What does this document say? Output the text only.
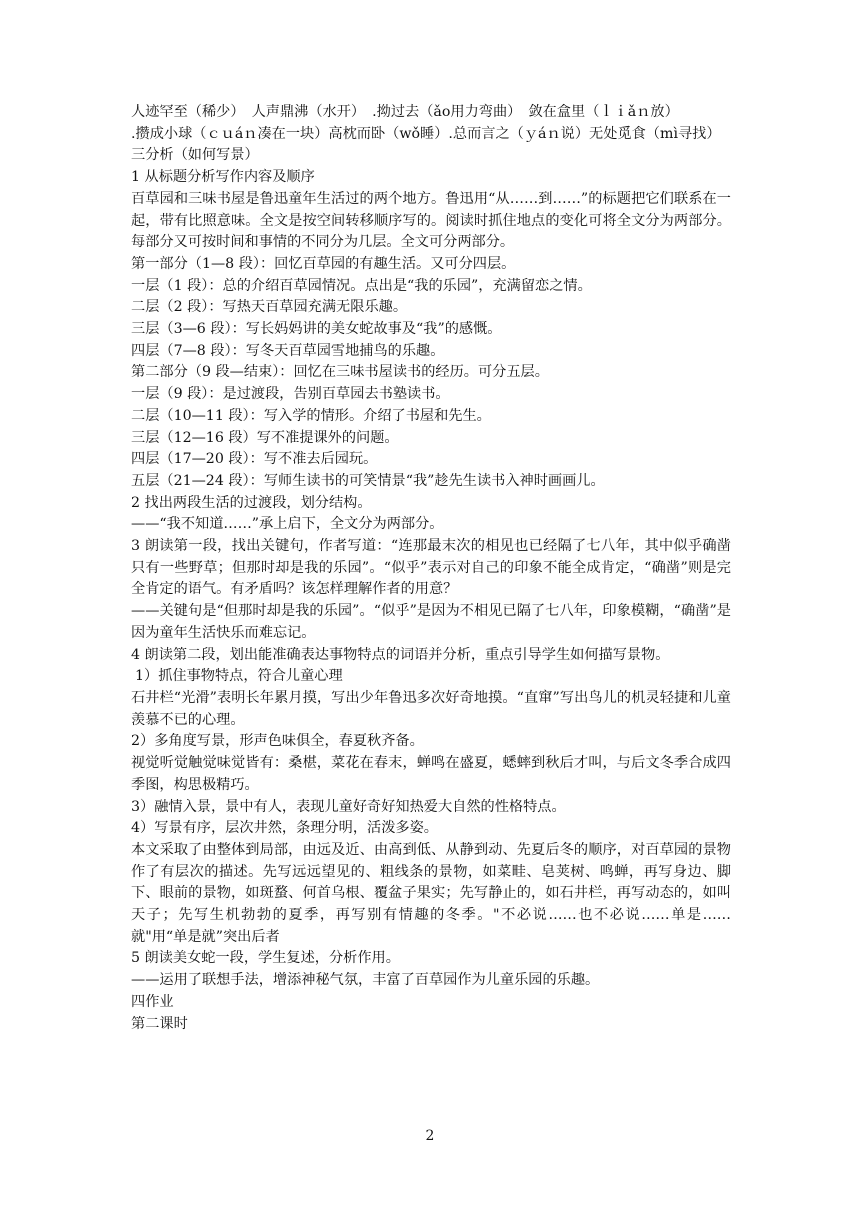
人迹罕至（稀少）　人声鼎沸（水开）　.拗过去（ǎo用力弯曲）　敛在盒里（ｌｉǎｎ放）

.攒成小球（ｃｕáｎ凑在一块）高枕而卧（wǒ睡）.总而言之（ｙáｎ说）无处觅食（mì寻找）

三分析（如何写景）

1 从标题分析写作内容及顺序

百草园和三味书屋是鲁迅童年生活过的两个地方。鲁迅用“从……到……”的标题把它们联系在一起，带有比照意味。全文是按空间转移顺序写的。阅读时抓住地点的变化可将全文分为两部分。每部分又可按时间和事情的不同分为几层。全文可分两部分。

第一部分（1—8 段）：回忆百草园的有趣生活。又可分四层。

一层（1 段）：总的介绍百草园情况。点出是“我的乐园”，充满留恋之情。

二层（2 段）：写热天百草园充满无限乐趣。

三层（3—6 段）：写长妈妈讲的美女蛇故事及“我”的感慨。

四层（7—8 段）：写冬天百草园雪地捕鸟的乐趣。

第二部分（9 段—结束）：回忆在三味书屋读书的经历。可分五层。

一层（9 段）：是过渡段，告别百草园去书塾读书。

二层（10—11 段）：写入学的情形。介绍了书屋和先生。

三层（12—16 段）写不准提课外的问题。

四层（17—20 段）：写不准去后园玩。

五层（21—24 段）：写师生读书的可笑情景“我”趁先生读书入神时画画儿。

2 找出两段生活的过渡段，划分结构。

——“我不知道……”承上启下，全文分为两部分。

3 朗读第一段，找出关键句，作者写道：“连那最末次的相见也已经隔了七八年，其中似乎确凿只有一些野草；但那时却是我的乐园”。“似乎”表示对自己的印象不能全成肯定，“确凿”则是完全肯定的语气。有矛盾吗？该怎样理解作者的用意？

——关键句是“但那时却是我的乐园”。“似乎”是因为不相见已隔了七八年，印象模糊，“确凿”是因为童年生活快乐而难忘记。

4 朗读第二段，划出能准确表达事物特点的词语并分析，重点引导学生如何描写景物。

1）抓住事物特点，符合儿童心理

石井栏“光滑”表明长年累月摸，写出少年鲁迅多次好奇地摸。“直窜”写出鸟儿的机灵轻捷和儿童羡慕不已的心理。

2）多角度写景，形声色味俱全，春夏秋齐备。

视觉听觉触觉味觉皆有：桑椹，菜花在春末，蝉鸣在盛夏，蟋蟀到秋后才叫，与后文冬季合成四季图，构思极精巧。

3）融情入景，景中有人，表现儿童好奇好知热爱大自然的性格特点。

4）写景有序，层次井然，条理分明，活泼多姿。

本文采取了由整体到局部，由远及近、由高到低、从静到动、先夏后冬的顺序，对百草园的景物作了有层次的描述。先写远远望见的、粗线条的景物，如菜畦、皂荚树、鸣蝉，再写身边、脚下、眼前的景物，如斑蝥、何首乌根、覆盆子果实；先写静止的，如石井栏，再写动态的，如叫天子；先写生机勃勃的夏季，再写别有情趣的冬季。"不必说……也不必说……单是……就"用“单是就”突出后者

5 朗读美女蛇一段，学生复述，分析作用。

——运用了联想手法，增添神秘气氛，丰富了百草园作为儿童乐园的乐趣。

四作业

第二课时

2
